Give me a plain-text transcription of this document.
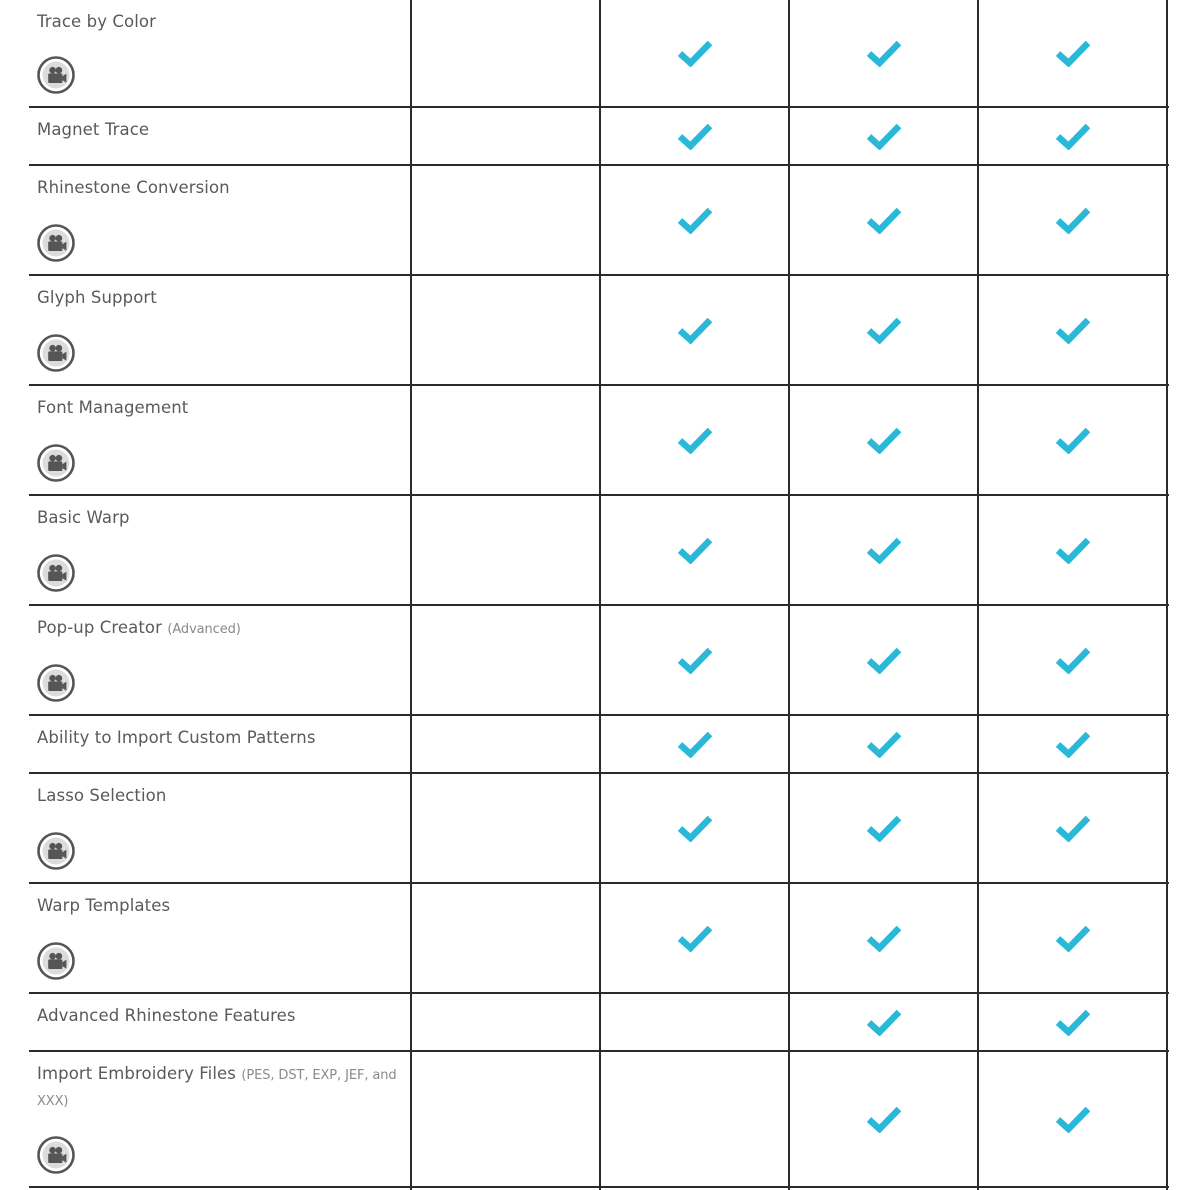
Trace by Color
Magnet Trace
Rhinestone Conversion
Glyph Support
Font Management
Basic Warp
Pop-up Creator (Advanced)
Ability to Import Custom Patterns
Lasso Selection
Warp Templates
Advanced Rhinestone Features
Import Embroidery Files (PES, DST, EXP, JEF, and XXX)
